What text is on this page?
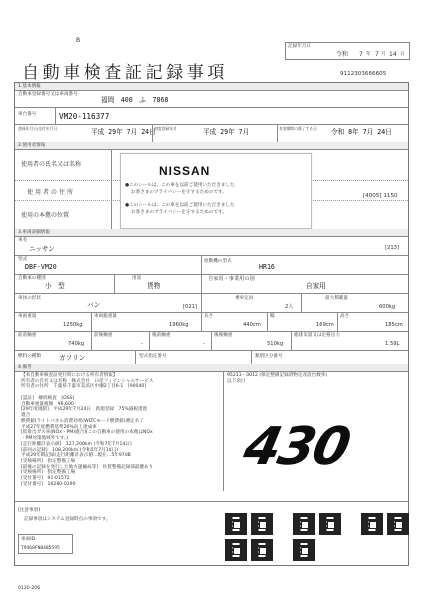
B
自動車検査証記録事項
記録年月日
令和 7 年 7 月 14 日
9112303666605
1.基本情報
自動車登録番号又は車両番号
福岡　400　ふ　7868
車台番号	VM20-116377
登録年月日/交付年月日	平成 29年 7月 24日
初度登録年月	平成 29年 7月	有効期間の満了する日 令和 8年 7月 24日
2.使用者情報
使用者の氏名又は名称
使用者の住所	[4005] 1150
使用の本拠の位置
NISSAN
●このシールは、この車を以前ご使用いただきました
お客さまのプライバシーを守するためのです。
●このシールは、この車を以前ご使用いただきました
お客さまのプライバシーを守するためのです。
3.車両詳細情報
車名
ニッサン	[213]
型式
DBF-VM20
原動機の型式
HR16
自動車の種別
小　型
用途
貨物
自家用・事業用の別
自家用
車体の形状
バン	[021]
乗車定員
2人
最大積載量
600kg
車両重量
1250kg
車両総重量
1960kg
長さ
440cm
幅
169cm
高さ
185cm
前前軸重
740kg
前後軸重
-
後前軸重
-
後後軸重
510kg
総排気量又は定格出力
1.59L
燃料の種類	ガソリン	型式指定番号	類別区分番号
4.備考
【本自動車検査証発行時における所有者情報】
所有者の氏名又は名称　株式会社　日産フィナンシャルサービス
所有者の住所　千葉県千葉市美浜区中瀬2丁目6-1　[90040]

[認証]　継続検査　[OSS]
自動車重量税額　¥6,600
[29年度規制]　平成29年7月24日　新規登録　75%減税措置
適合
燃費値(ライトパネル消費効率(WLTCモード燃費値)测定水了
平成27年度燃費基準20%向上達成車
[低排出ガス車(NOx・PM)適合](この自動車の使用の本拠はNOx
・PM対策地域外です。)
[走行距離計表示値]　127,200km (令和7年7月14日)
[前回の記録]　108,200km (令和5年7月14日)
平成29年期記録(走行距離計表示値…現在…5年97dB
[受検場所]　指定整備工場
[最後の記録を発行した地方運輸局等]　佐賀整備記録部最優あり
[受検場所]　指定整備工場
[受付番号]　91-01572
[受付番号]　16280-0190
95213・0012 (保定整備記録済物定改設台数率)
以下余白
430
[注意事項]
記録事項はシステム登録時点の事項です。
車両ID
T9468FN8485595
0120-206
